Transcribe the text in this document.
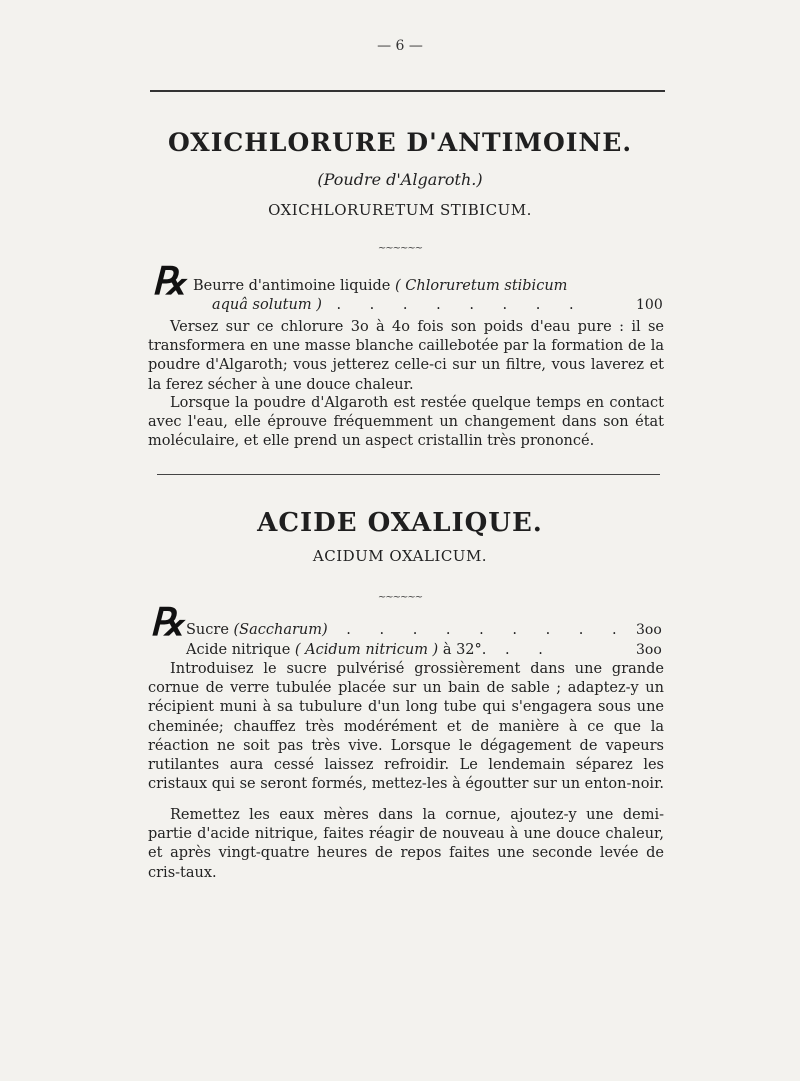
— 6 —
OXICHLORURE D'ANTIMOINE.
(Poudre d'Algaroth.)
OXICHLORURETUM STIBICUM.
~~~~~~
℞ Beurre d'antimoine liquide ( Chloruretum stibicum
aquâ solutum ) . . . . . . . .	100

Versez sur ce chlorure 3o à 4o fois son poids d'eau pure : il se transformera en une masse blanche caillebotée par la formation de la poudre d'Algaroth; vous jetterez celle-ci sur un filtre, vous laverez et la ferez sécher à une douce chaleur.

Lorsque la poudre d'Algaroth est restée quelque temps en contact avec l'eau, elle éprouve fréquemment un changement dans son état moléculaire, et elle prend un aspect cristallin très prononcé.

ACIDE OXALIQUE.
ACIDUM OXALICUM.
~~~~~~
℞ Sucre (Saccharum) . . . . . . . . . 3oo
Acide nitrique ( Acidum nitricum ) à 32°. . .	3oo

Introduisez le sucre pulvérisé grossièrement dans une grande cornue de verre tubulée placée sur un bain de sable ; adaptez-y un récipient muni à sa tubulure d'un long tube qui s'engagera sous une cheminée; chauffez très modérément et de manière à ce que la réaction ne soit pas très vive. Lorsque le dégagement de vapeurs rutilantes aura cessé laissez refroidir. Le lendemain séparez les cristaux qui se seront formés, mettez-les à égoutter sur un enton-noir.

Remettez les eaux mères dans la cornue, ajoutez-y une demi-partie d'acide nitrique, faites réagir de nouveau à une douce chaleur, et après vingt-quatre heures de repos faites une seconde levée de cris-taux.
